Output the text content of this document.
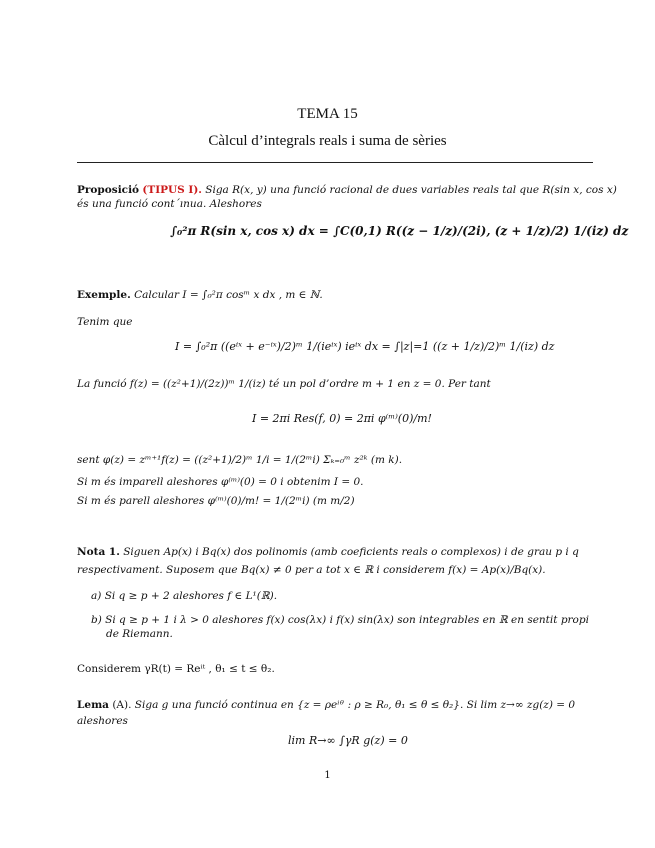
TEMA 15
Càlcul d’integrals reals i suma de sèries
Proposició (TIPUS I). Siga R(x, y) una funció racional de dues variables reals tal que R(sin x, cos x)
és una funció cont´ınua. Aleshores
∫₀²π R(sin x, cos x) dx = ∫C(0,1) R((z − 1/z)/(2i), (z + 1/z)/2) 1/(iz) dz
Exemple. Calcular I = ∫₀²π cosᵐ x dx , m ∈ ℕ.
Tenim que
I = ∫₀²π ((eⁱˣ + e⁻ⁱˣ)/2)ᵐ 1/(ieⁱˣ) ieⁱˣ dx = ∫|z|=1 ((z + 1/z)/2)ᵐ 1/(iz) dz
La funció f(z) = ((z²+1)/(2z))ᵐ 1/(iz) té un pol d’ordre m + 1 en z = 0. Per tant
I = 2πi Res(f, 0) = 2πi φ⁽ᵐ⁾(0)/m!
sent φ(z) = zᵐ⁺¹f(z) = ((z²+1)/2)ᵐ 1/i = 1/(2ᵐi) Σₖ₌₀ᵐ z²ᵏ (m k).
Si m és imparell aleshores φ⁽ᵐ⁾(0) = 0 i obtenim I = 0.
Si m és parell aleshores φ⁽ᵐ⁾(0)/m! = 1/(2ᵐi) (m m/2)
Nota 1. Siguen Ap(x) i Bq(x) dos polinomis (amb coeficients reals o complexos) i de grau p i q
respectivament. Suposem que Bq(x) ≠ 0 per a tot x ∈ ℝ i considerem f(x) = Ap(x)/Bq(x).
a) Si q ≥ p + 2 aleshores f ∈ L¹(ℝ).
b) Si q ≥ p + 1 i λ > 0 aleshores f(x) cos(λx) i f(x) sin(λx) son integrables en ℝ en sentit propi
de Riemann.
Considerem γR(t) = Reⁱᵗ , θ₁ ≤ t ≤ θ₂.
Lema (A). Siga g una funció continua en {z = ρeⁱᶿ : ρ ≥ R₀, θ₁ ≤ θ ≤ θ₂}. Si lim z→∞ zg(z) = 0
aleshores
lim R→∞ ∫γR g(z) = 0
1
